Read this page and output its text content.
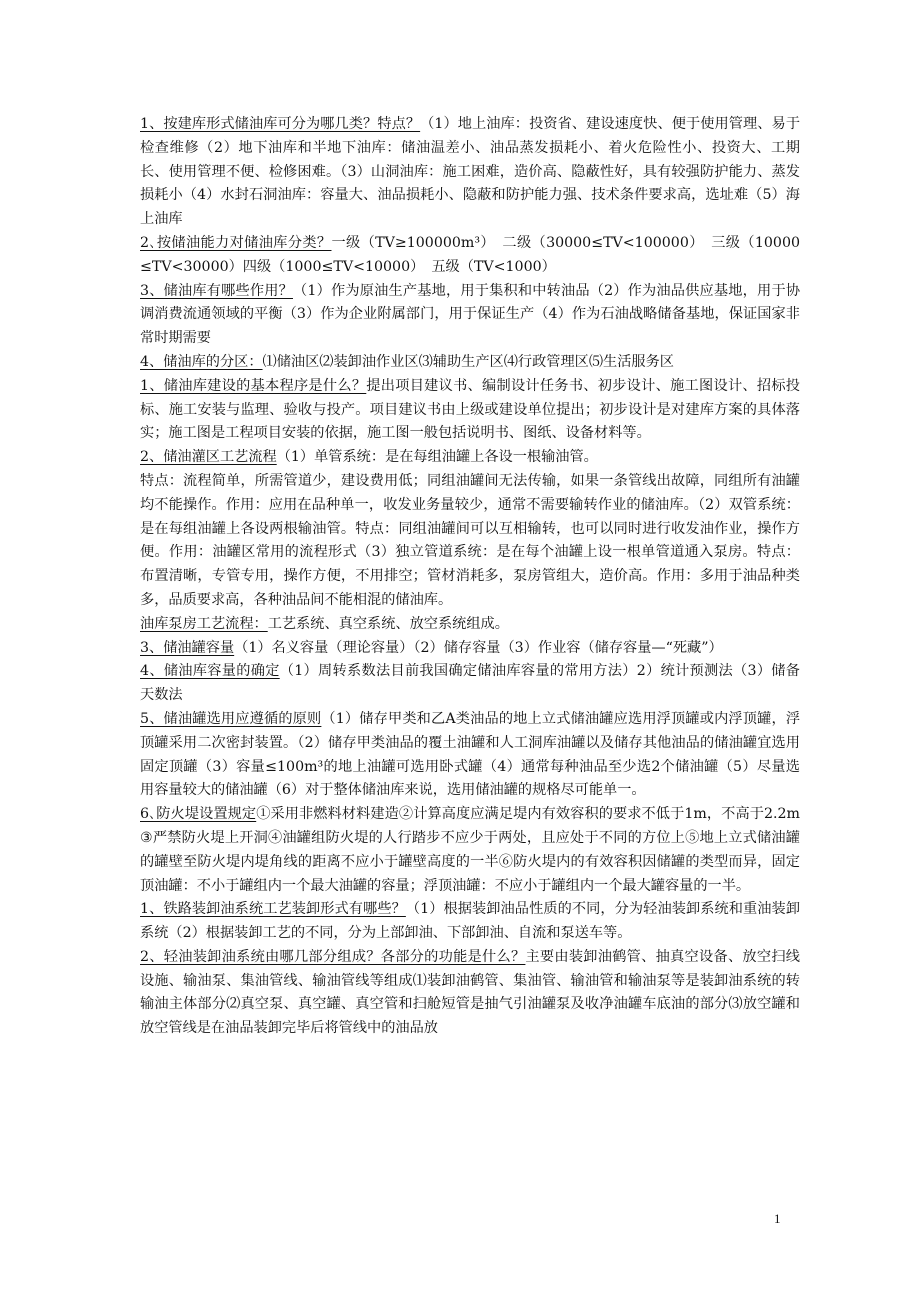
1、按建库形式储油库可分为哪几类？特点？（1）地上油库：投资省、建设速度快、便于使用管理、易于检查维修（2）地下油库和半地下油库：储油温差小、油品蒸发损耗小、着火危险性小、投资大、工期长、使用管理不便、检修困难。（3）山洞油库：施工困难，造价高、隐蔽性好，具有较强防护能力、蒸发损耗小（4）水封石洞油库：容量大、油品损耗小、隐蔽和防护能力强、技术条件要求高，选址难（5）海上油库

2､按储油能力对储油库分类？一级（TV≥100000m³）　二级（30000≤TV<100000）　三级（10000≤TV<30000）四级（1000≤TV<10000）　五级（TV<1000）

3、储油库有哪些作用？（1）作为原油生产基地，用于集积和中转油品（2）作为油品供应基地，用于协调消费流通领域的平衡（3）作为企业附属部门，用于保证生产（4）作为石油战略储备基地，保证国家非常时期需要

4、储油库的分区：⑴储油区⑵装卸油作业区⑶辅助生产区⑷行政管理区⑸生活服务区

1、储油库建设的基本程序是什么？提出项目建议书、编制设计任务书、初步设计、施工图设计、招标投标、施工安装与监理、验收与投产。项目建议书由上级或建设单位提出；初步设计是对建库方案的具体落实；施工图是工程项目安装的依据，施工图一般包括说明书、图纸、设备材料等。

2、储油灌区工艺流程（1）单管系统：是在每组油罐上各设一根输油管。

特点：流程简单，所需管道少，建设费用低；同组油罐间无法传输，如果一条管线出故障，同组所有油罐均不能操作。作用：应用在品种单一，收发业务量较少，通常不需要输转作业的储油库。（2）双管系统：是在每组油罐上各设两根输油管。特点：同组油罐间可以互相输转，也可以同时进行收发油作业，操作方便。作用：油罐区常用的流程形式（3）独立管道系统：是在每个油罐上设一根单管道通入泵房。特点：布置清晰，专管专用，操作方便，不用排空；管材消耗多，泵房管组大，造价高。作用：多用于油品种类多，品质要求高，各种油品间不能相混的储油库。

油库泵房工艺流程：工艺系统、真空系统、放空系统组成。

3、储油罐容量（1）名义容量（理论容量）（2）储存容量（3）作业容（储存容量—“死藏”）

4、储油库容量的确定（1）周转系数法目前我国确定储油库容量的常用方法）2）统计预测法（3）储备天数法

5、储油罐选用应遵循的原则（1）储存甲类和乙A类油品的地上立式储油罐应选用浮顶罐或内浮顶罐，浮顶罐采用二次密封装置。（2）储存甲类油品的覆土油罐和人工洞库油罐以及储存其他油品的储油罐宜选用固定顶罐（3）容量≤100m³的地上油罐可选用卧式罐（4）通常每种油品至少选2个储油罐（5）尽量选用容量较大的储油罐（6）对于整体储油库来说，选用储油罐的规格尽可能单一。

6､防火堤设置规定①采用非燃料材料建造②计算高度应满足堤内有效容积的要求不低于1m，不高于2.2m③严禁防火堤上开洞④油罐组防火堤的人行踏步不应少于两处，且应处于不同的方位上⑤地上立式储油罐的罐壁至防火堤内堤角线的距离不应小于罐壁高度的一半⑥防火堤内的有效容积因储罐的类型而异，固定顶油罐：不小于罐组内一个最大油罐的容量；浮顶油罐：不应小于罐组内一个最大罐容量的一半。

1、铁路装卸油系统工艺装卸形式有哪些？（1）根据装卸油品性质的不同，分为轻油装卸系统和重油装卸系统（2）根据装卸工艺的不同，分为上部卸油、下部卸油、自流和泵送车等。

2、轻油装卸油系统由哪几部分组成？各部分的功能是什么？主要由装卸油鹤管、抽真空设备、放空扫线设施、输油泵、集油管线、输油管线等组成⑴装卸油鹤管、集油管、输油管和输油泵等是装卸油系统的转输油主体部分⑵真空泵、真空罐、真空管和扫舱短管是抽气引油罐泵及收净油罐车底油的部分⑶放空罐和放空管线是在油品装卸完毕后将管线中的油品放

1
